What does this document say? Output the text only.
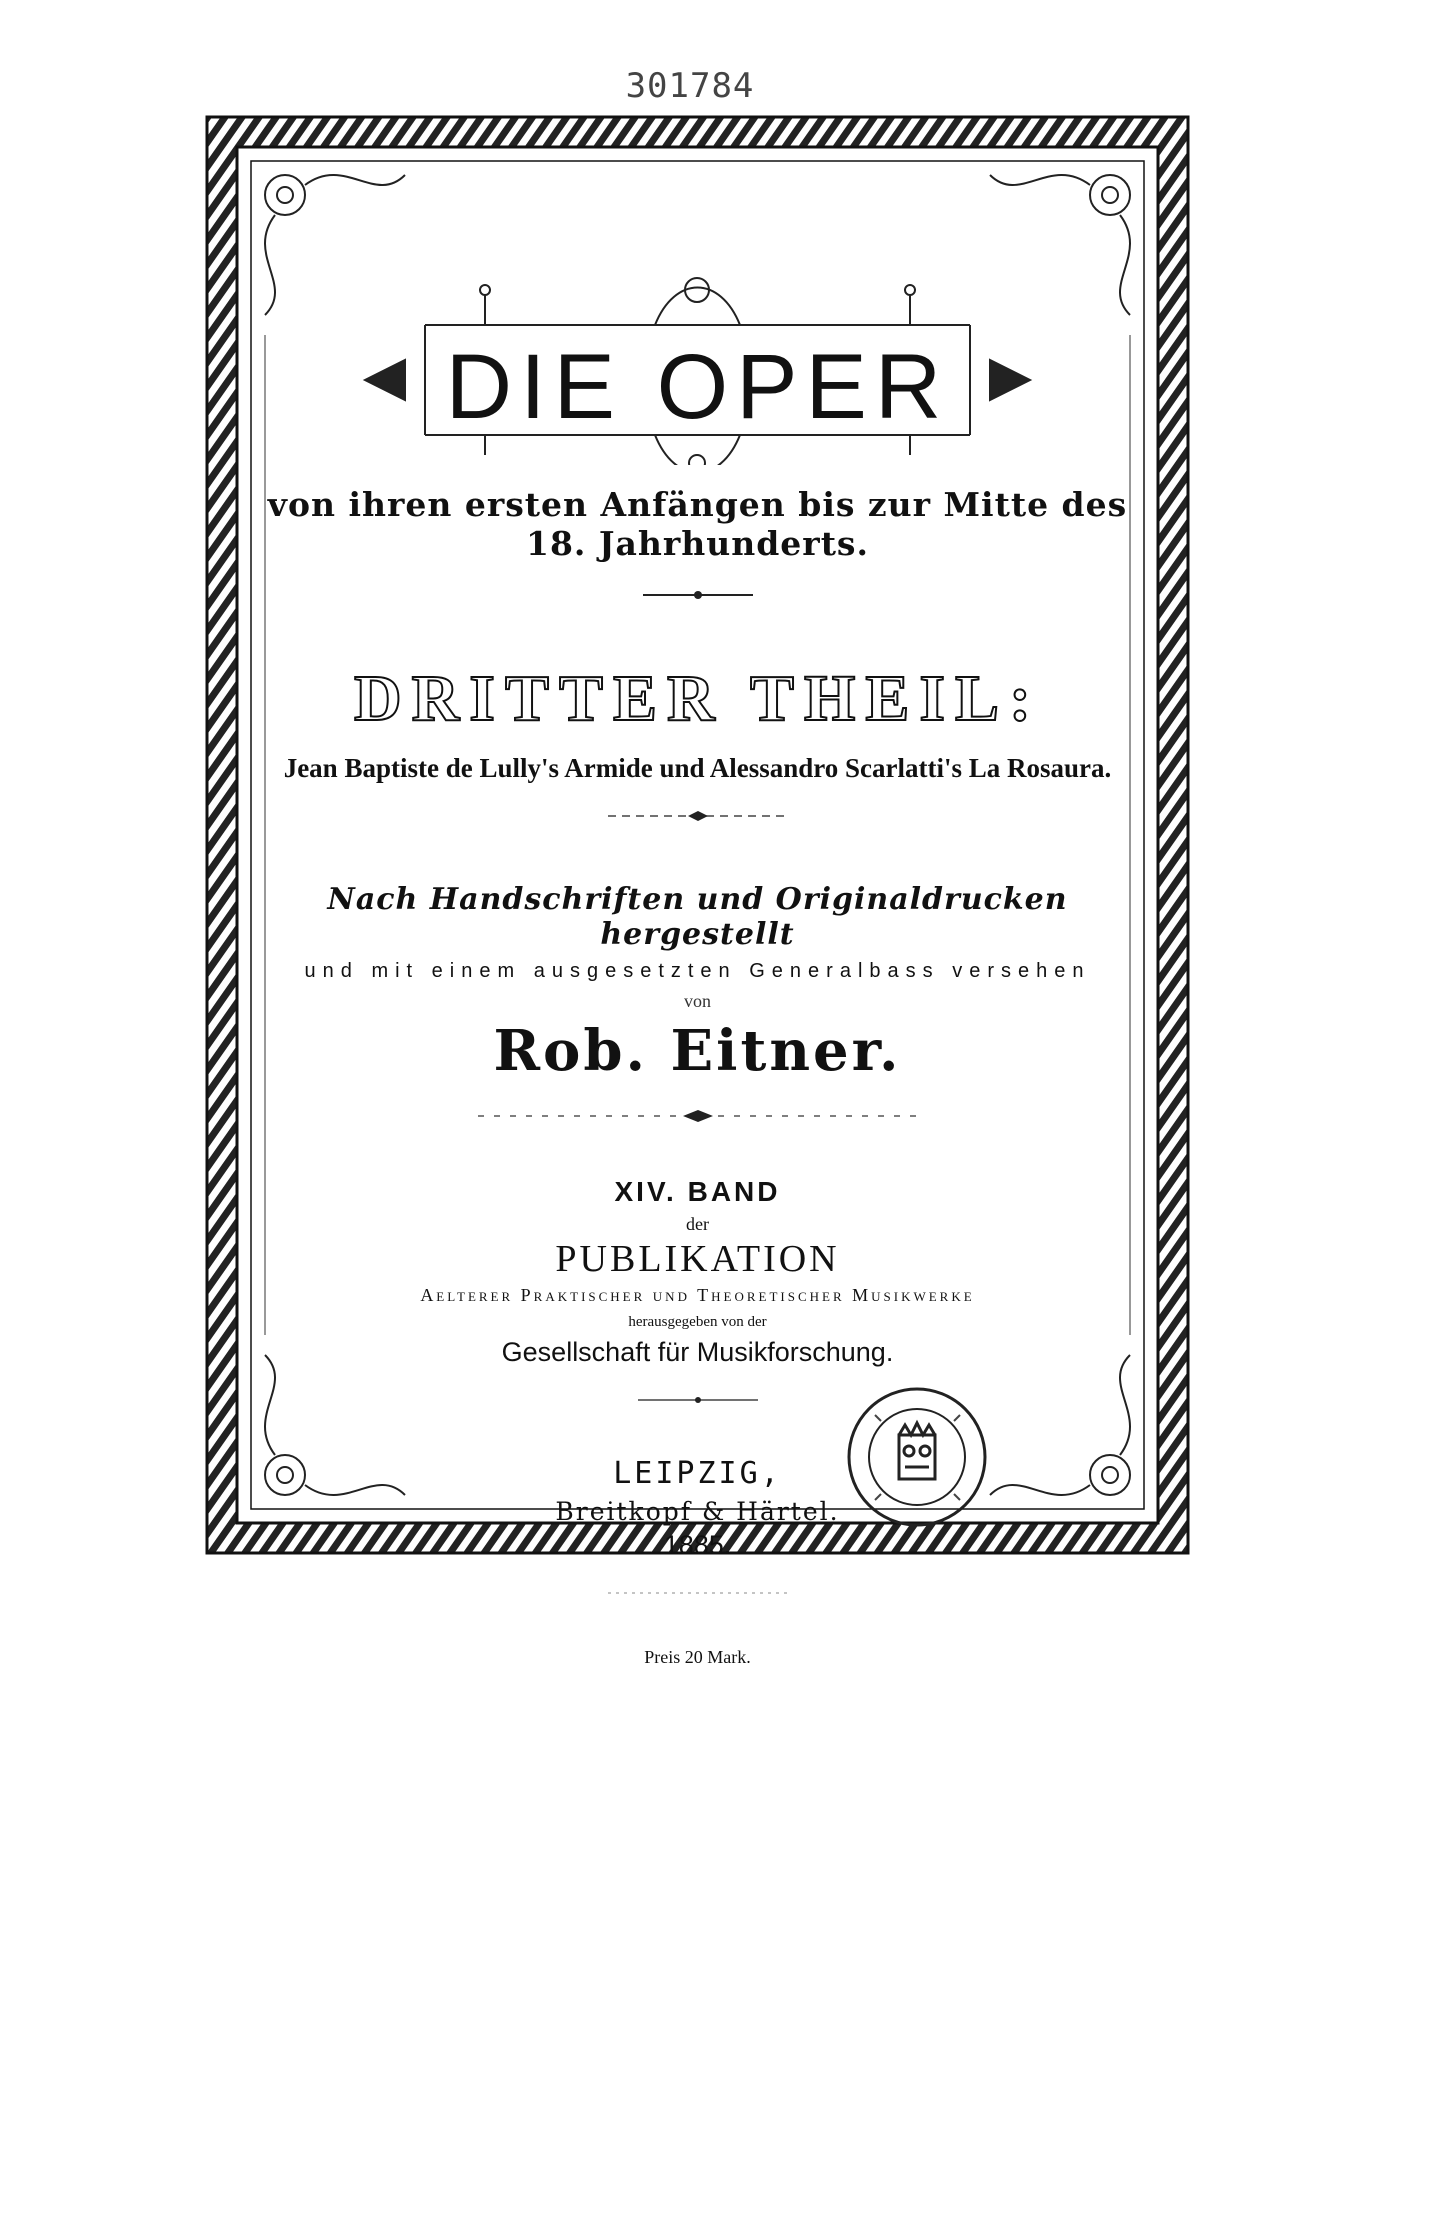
301784
DIE OPER
von ihren ersten Anfängen bis zur Mitte des 18. Jahrhunderts.
DRITTER THEIL:
Jean Baptiste de Lully's Armide und Alessandro Scarlatti's La Rosaura.
Nach Handschriften und Originaldrucken hergestellt
und mit einem ausgesetzten Generalbass versehen
von
Rob. Eitner.
XIV. BAND
der
PUBLIKATION
Aelterer Praktischer und Theoretischer Musikwerke
herausgegeben von der
Gesellschaft für Musikforschung.
LEIPZIG,
Breitkopf & Härtel.
1885.
Preis 20 Mark.
